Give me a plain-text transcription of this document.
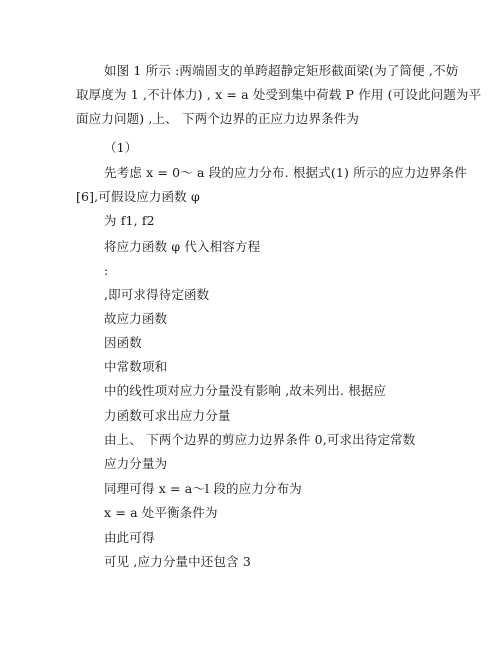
如图 1 所示 :两端固支的单跨超静定矩形截面梁(为了简便 ,不妨
取厚度为 1 ,不计体力) , x = a 处受到集中荷载 P 作用 (可设此问题为平
面应力问题) ,上、 下两个边界的正应力边界条件为
（1）
先考虑 x = 0～ a 段的应力分布. 根据式(1) 所示的应力边界条件
[6],可假设应力函数 φ
为 f1, f2
将应力函数 φ 代入相容方程
:
,即可求得待定函数
故应力函数
因函数
中常数项和
中的线性项对应力分量没有影响 ,故未列出. 根据应
力函数可求出应力分量
由上、 下两个边界的剪应力边界条件 0,可求出待定常数
应力分量为
同理可得 x = a～l 段的应力分布为
x = a 处平衡条件为
由此可得
可见 ,应力分量中还包含 3
